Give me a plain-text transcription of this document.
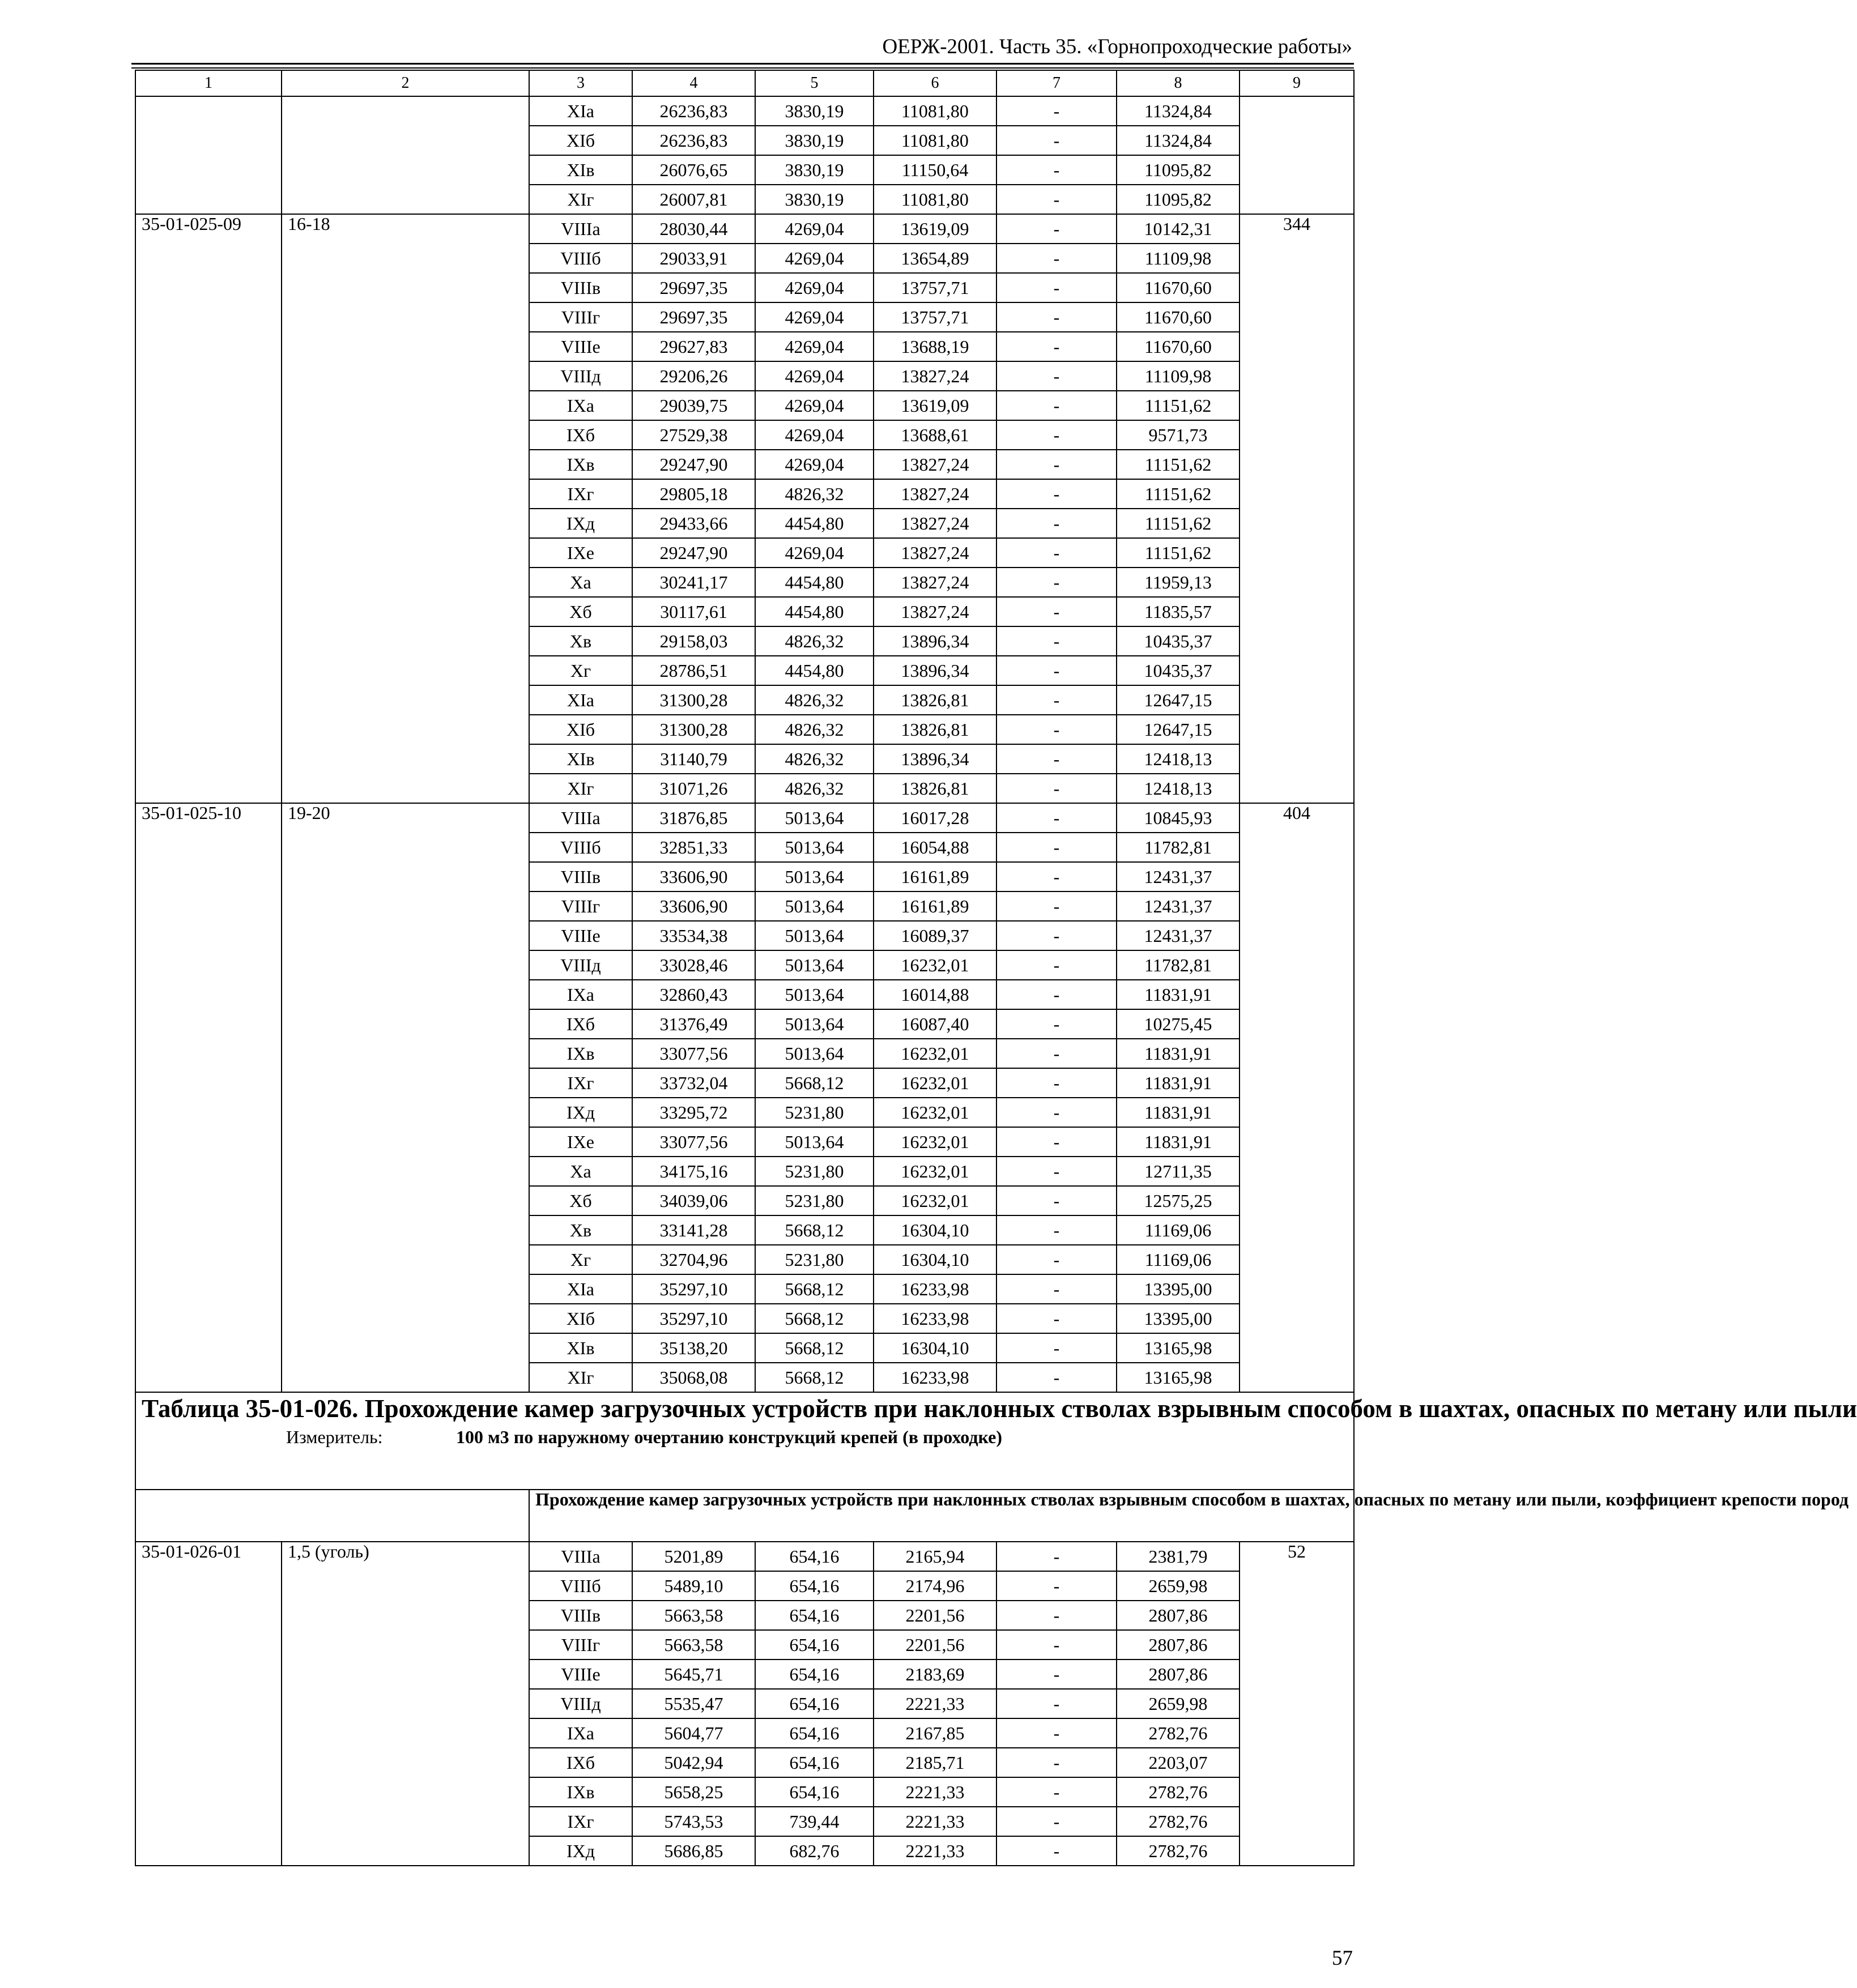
ОЕРЖ-2001. Часть 35. «Горнопроходческие работы»
1	2	3	4	5	6	7	8	9
		XIа	26236,83	3830,19	11081,80	-	11324,84	
		XIб	26236,83	3830,19	11081,80	-	11324,84	
		XIв	26076,65	3830,19	11150,64	-	11095,82	
		XIг	26007,81	3830,19	11081,80	-	11095,82	
35-01-025-09	16-18	VIIIа	28030,44	4269,04	13619,09	-	10142,31	344
		VIIIб	29033,91	4269,04	13654,89	-	11109,98	
		VIIIв	29697,35	4269,04	13757,71	-	11670,60	
		VIIIг	29697,35	4269,04	13757,71	-	11670,60	
		VIIIе	29627,83	4269,04	13688,19	-	11670,60	
		VIIIд	29206,26	4269,04	13827,24	-	11109,98	
		IXа	29039,75	4269,04	13619,09	-	11151,62	
		IXб	27529,38	4269,04	13688,61	-	9571,73	
		IXв	29247,90	4269,04	13827,24	-	11151,62	
		IXг	29805,18	4826,32	13827,24	-	11151,62	
		IXд	29433,66	4454,80	13827,24	-	11151,62	
		IXе	29247,90	4269,04	13827,24	-	11151,62	
		Xа	30241,17	4454,80	13827,24	-	11959,13	
		Xб	30117,61	4454,80	13827,24	-	11835,57	
		Xв	29158,03	4826,32	13896,34	-	10435,37	
		Xг	28786,51	4454,80	13896,34	-	10435,37	
		XIа	31300,28	4826,32	13826,81	-	12647,15	
		XIб	31300,28	4826,32	13826,81	-	12647,15	
		XIв	31140,79	4826,32	13896,34	-	12418,13	
		XIг	31071,26	4826,32	13826,81	-	12418,13	
35-01-025-10	19-20	VIIIа	31876,85	5013,64	16017,28	-	10845,93	404
		VIIIб	32851,33	5013,64	16054,88	-	11782,81	
		VIIIв	33606,90	5013,64	16161,89	-	12431,37	
		VIIIг	33606,90	5013,64	16161,89	-	12431,37	
		VIIIе	33534,38	5013,64	16089,37	-	12431,37	
		VIIIд	33028,46	5013,64	16232,01	-	11782,81	
		IXа	32860,43	5013,64	16014,88	-	11831,91	
		IXб	31376,49	5013,64	16087,40	-	10275,45	
		IXв	33077,56	5013,64	16232,01	-	11831,91	
		IXг	33732,04	5668,12	16232,01	-	11831,91	
		IXд	33295,72	5231,80	16232,01	-	11831,91	
		IXе	33077,56	5013,64	16232,01	-	11831,91	
		Xа	34175,16	5231,80	16232,01	-	12711,35	
		Xб	34039,06	5231,80	16232,01	-	12575,25	
		Xв	33141,28	5668,12	16304,10	-	11169,06	
		Xг	32704,96	5231,80	16304,10	-	11169,06	
		XIа	35297,10	5668,12	16233,98	-	13395,00	
		XIб	35297,10	5668,12	16233,98	-	13395,00	
		XIв	35138,20	5668,12	16304,10	-	13165,98	
		XIг	35068,08	5668,12	16233,98	-	13165,98	

Таблица 35-01-026. Прохождение камер загрузочных устройств при наклонных стволах взрывным способом в шахтах, опасных по метану или пыли
Измеритель: 100 м3 по наружному очертанию конструкций крепей (в проходке)								

		Прохождение камер загрузочных устройств при наклонных стволах взрывным способом в шахтах, опасных по метану или пыли, коэффициент крепости пород						
35-01-026-01	1,5 (уголь)	VIIIа	5201,89	654,16	2165,94	-	2381,79	52
		VIIIб	5489,10	654,16	2174,96	-	2659,98	
		VIIIв	5663,58	654,16	2201,56	-	2807,86	
		VIIIг	5663,58	654,16	2201,56	-	2807,86	
		VIIIе	5645,71	654,16	2183,69	-	2807,86	
		VIIIд	5535,47	654,16	2221,33	-	2659,98	
		IXа	5604,77	654,16	2167,85	-	2782,76	
		IXб	5042,94	654,16	2185,71	-	2203,07	
		IXв	5658,25	654,16	2221,33	-	2782,76	
		IXг	5743,53	739,44	2221,33	-	2782,76	
		IXд	5686,85	682,76	2221,33	-	2782,76	
57
